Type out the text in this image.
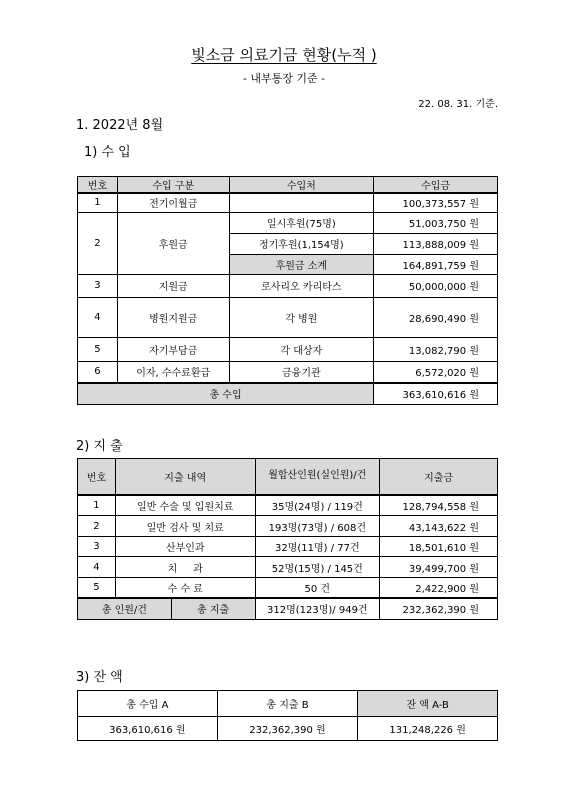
빛소금 의료기금 현황(누적 )
- 내부통장 기준 -
22. 08. 31. 기준.
1. 2022년 8월
1) 수 입
번호	수입 구분	수입처	수입금
1	전기이월금		100,373,557 원
2	후원금	일시후원(75명)	51,003,750 원
		정기후원(1,154명)	113,888,009 원
		후원금 소계	164,891,759 원
3	지원금	로사리오 카리타스	50,000,000 원
4	병원지원금	각 병원	28,690,490 원
5	자기부담금	각 대상자	13,082,790 원
6	이자, 수수료환급	금융기관	6,572,020 원
총 수입			363,610,616 원
2) 지 출
번호	지출 내역		월합산인원(실인원)/건	지출금
1	일반 수술 및 입원치료		35명(24명) / 119건	128,794,558 원
2	일반 검사 및 치료		193명(73명) / 608건	43,143,622 원
3	산부인과		32명(11명) / 77건	18,501,610 원
4	치     과		52명(15명) / 145건	39,499,700 원
5	수 수 료		50 건	2,422,900 원
총 인원/건		총 지출	312명(123명)/ 949건	232,362,390 원
3) 잔 액
총 수입 A	총 지출 B	잔 액 A-B
363,610,616 원	232,362,390 원	131,248,226 원
